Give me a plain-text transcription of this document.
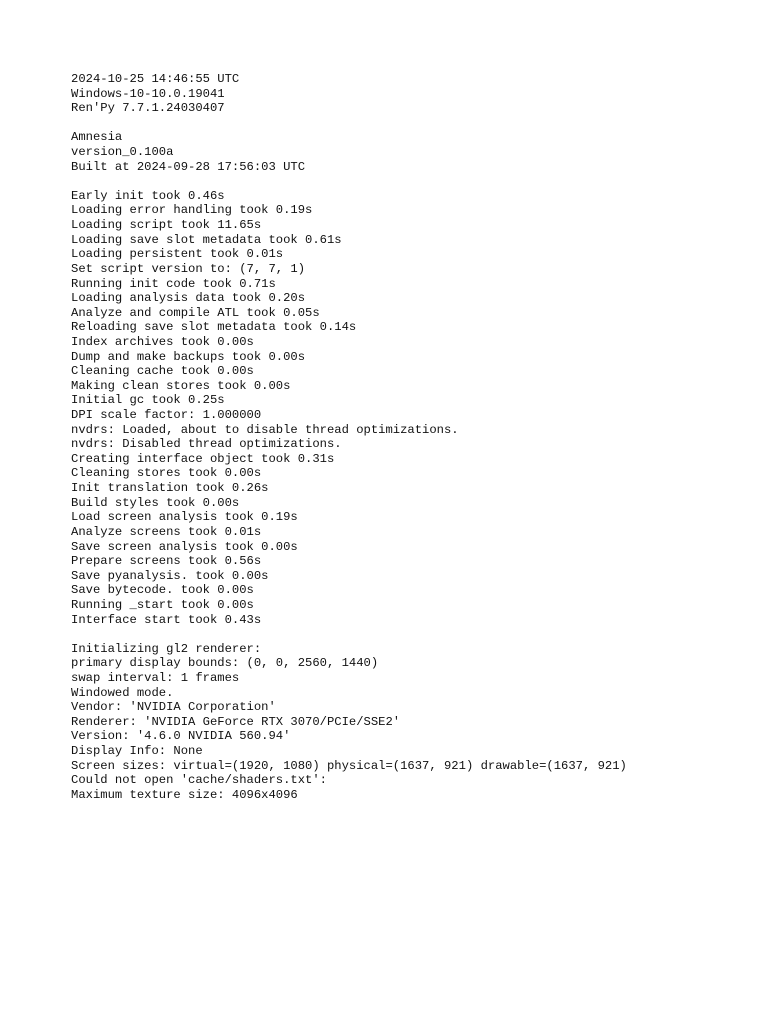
2024-10-25 14:46:55 UTC
Windows-10-10.0.19041
Ren'Py 7.7.1.24030407
Amnesia
version_0.100a
Built at 2024-09-28 17:56:03 UTC
Early init took 0.46s
Loading error handling took 0.19s
Loading script took 11.65s
Loading save slot metadata took 0.61s
Loading persistent took 0.01s
Set script version to: (7, 7, 1)
Running init code took 0.71s
Loading analysis data took 0.20s
Analyze and compile ATL took 0.05s
Reloading save slot metadata took 0.14s
Index archives took 0.00s
Dump and make backups took 0.00s
Cleaning cache took 0.00s
Making clean stores took 0.00s
Initial gc took 0.25s
DPI scale factor: 1.000000
nvdrs: Loaded, about to disable thread optimizations.
nvdrs: Disabled thread optimizations.
Creating interface object took 0.31s
Cleaning stores took 0.00s
Init translation took 0.26s
Build styles took 0.00s
Load screen analysis took 0.19s
Analyze screens took 0.01s
Save screen analysis took 0.00s
Prepare screens took 0.56s
Save pyanalysis. took 0.00s
Save bytecode. took 0.00s
Running _start took 0.00s
Interface start took 0.43s
Initializing gl2 renderer:
primary display bounds: (0, 0, 2560, 1440)
swap interval: 1 frames
Windowed mode.
Vendor: 'NVIDIA Corporation'
Renderer: 'NVIDIA GeForce RTX 3070/PCIe/SSE2'
Version: '4.6.0 NVIDIA 560.94'
Display Info: None
Screen sizes: virtual=(1920, 1080) physical=(1637, 921) drawable=(1637, 921)
Could not open 'cache/shaders.txt':
Maximum texture size: 4096x4096
